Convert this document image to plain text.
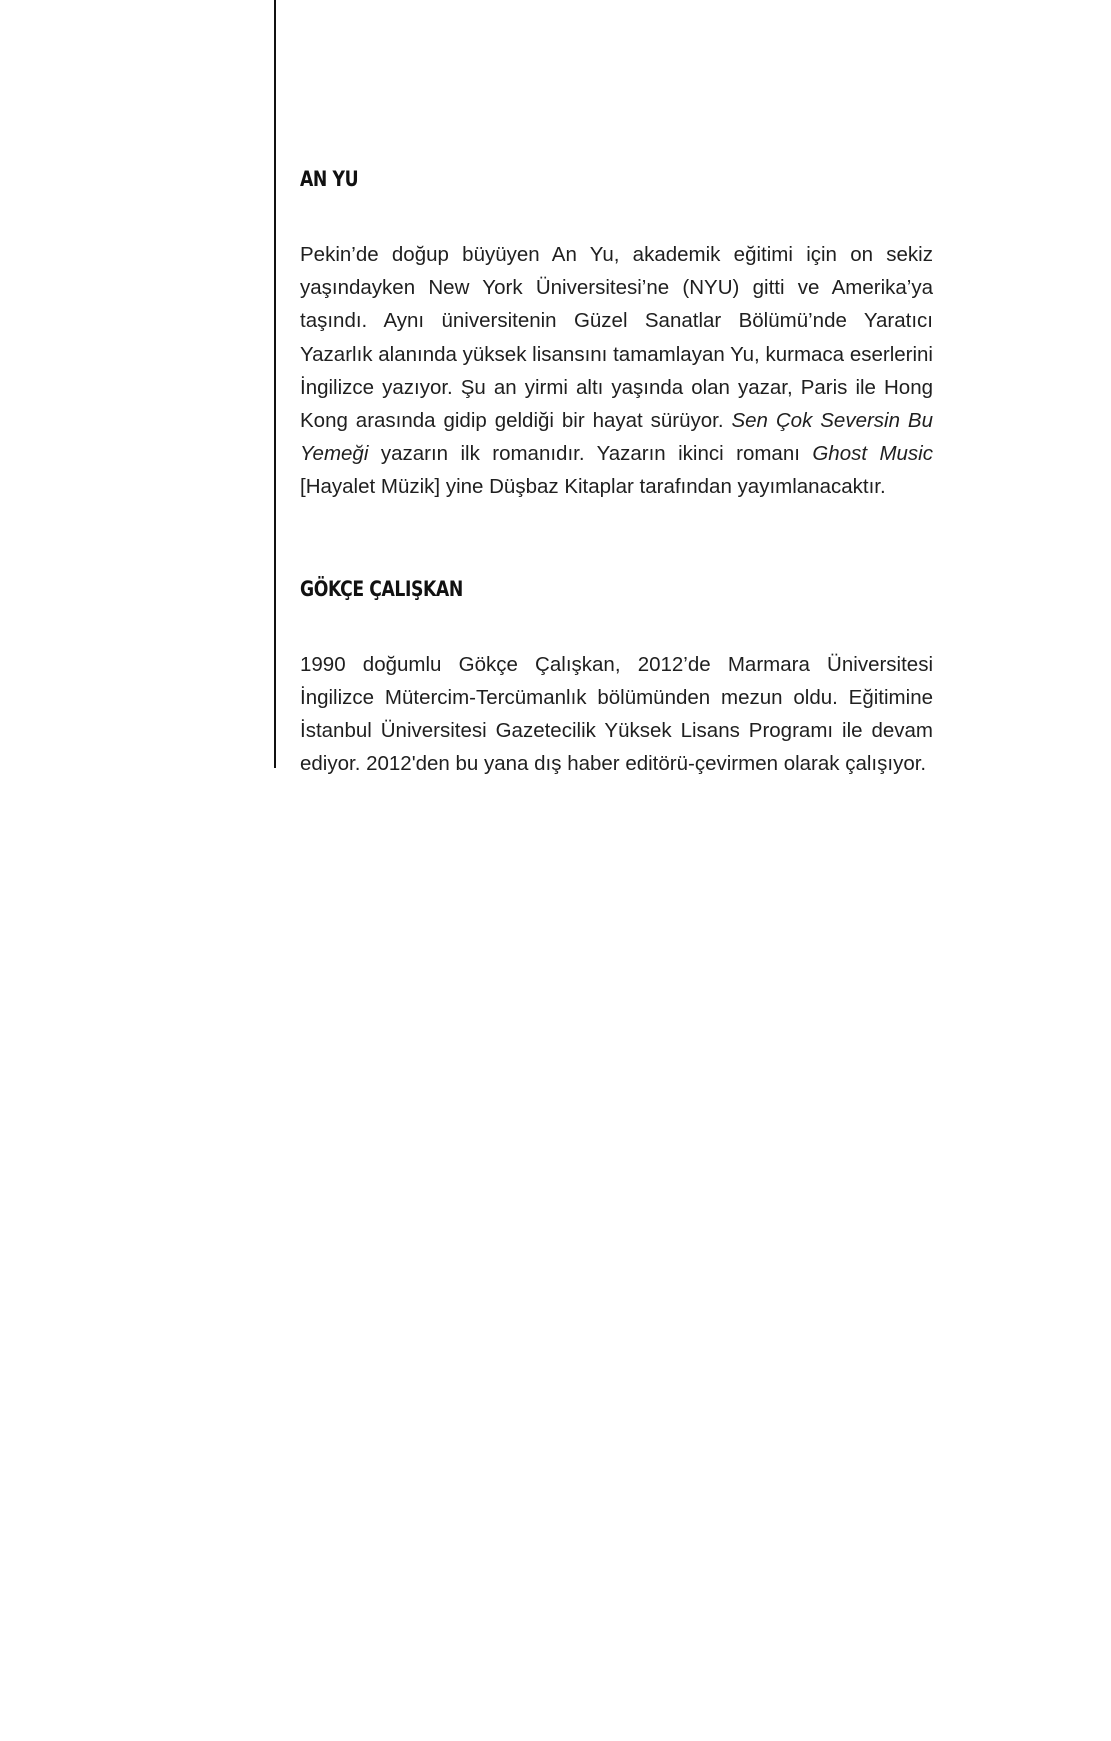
AN YU

Pekin’de doğup büyüyen An Yu, akademik eğitimi için on sekiz yaşındayken New York Üniversitesi’ne (NYU) gitti ve Amerika’ya taşındı. Aynı üniversitenin Güzel Sanatlar Bölümü’nde Yaratıcı Yazarlık alanında yüksek lisansını tamamlayan Yu, kurmaca eserlerini İngilizce yazıyor. Şu an yirmi altı yaşında olan yazar, Paris ile Hong Kong arasında gidip geldiği bir hayat sürüyor. Sen Çok Seversin Bu Yemeği yazarın ilk romanıdır. Yazarın ikinci romanı Ghost Music [Hayalet Müzik] yine Düşbaz Kitaplar tarafından yayımlanacaktır.

GÖKÇE ÇALIŞKAN

1990 doğumlu Gökçe Çalışkan, 2012’de Marmara Üniversitesi İngilizce Mütercim-Tercümanlık bölümünden mezun oldu. Eğitimine İstanbul Üniversitesi Gazetecilik Yüksek Lisans Programı ile devam ediyor. 2012'den bu yana dış haber editörü-çevirmen olarak çalışıyor.
